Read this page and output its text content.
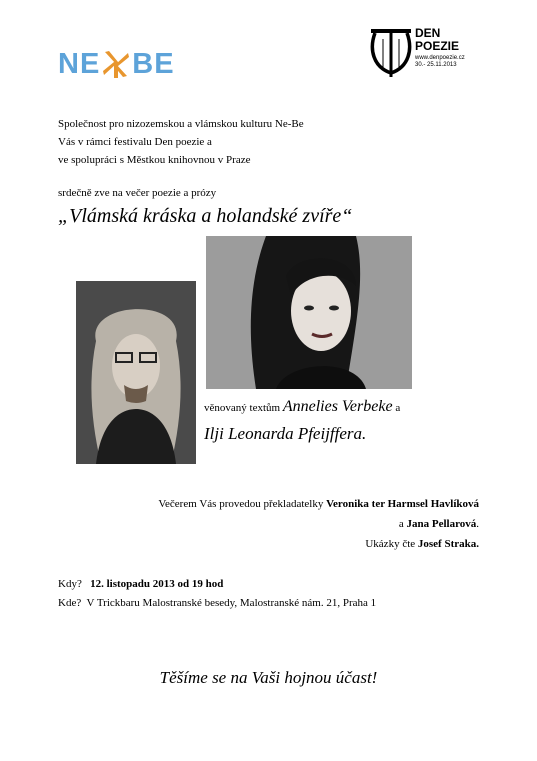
NE BE
DEN
POEZIE
www.denpoezie.cz
30.- 25.11.2013
Společnost pro nizozemskou a vlámskou kulturu Ne-Be
Vás v rámci festivalu Den poezie a
ve spolupráci s Městkou knihovnou v Praze
srdečně zve na večer poezie a prózy
„Vlámská kráska a holandské zvíře“
věnovaný textům Annelies Verbeke a
Ilji Leonarda Pfeijffera.
Večerem Vás provedou překladatelky Veronika ter Harmsel Havlíková
a Jana Pellarová.
Ukázky čte Josef Straka.
Kdy? 12. listopadu 2013 od 19 hod
Kde? V Trickbaru Malostranské besedy, Malostranské nám. 21, Praha 1
Těšíme se na Vaši hojnou účast!
